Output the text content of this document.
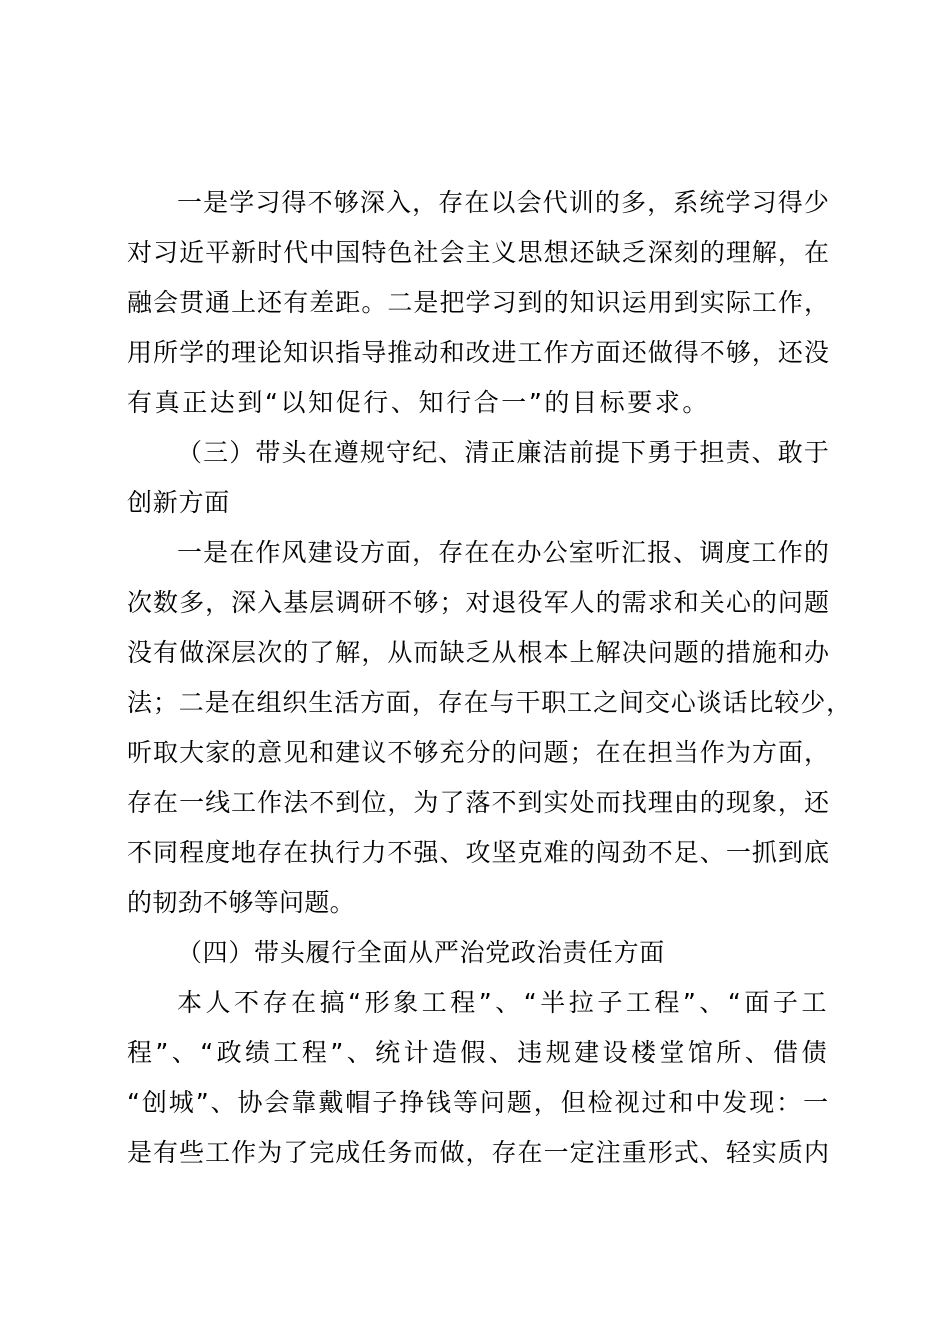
一是学习得不够深入，存在以会代训的多，系统学习得少
对习近平新时代中国特色社会主义思想还缺乏深刻的理解，在
融会贯通上还有差距。二是把学习到的知识运用到实际工作，
用所学的理论知识指导推动和改进工作方面还做得不够，还没
有真正达到“以知促行、知行合一”的目标要求。
（三）带头在遵规守纪、清正廉洁前提下勇于担责、敢于
创新方面
一是在作风建设方面，存在在办公室听汇报、调度工作的
次数多，深入基层调研不够；对退役军人的需求和关心的问题
没有做深层次的了解，从而缺乏从根本上解决问题的措施和办
法；二是在组织生活方面，存在与干职工之间交心谈话比较少，
听取大家的意见和建议不够充分的问题；在在担当作为方面，
存在一线工作法不到位，为了落不到实处而找理由的现象，还
不同程度地存在执行力不强、攻坚克难的闯劲不足、一抓到底
的韧劲不够等问题。
（四）带头履行全面从严治党政治责任方面
本人不存在搞“形象工程”、“半拉子工程”、“面子工
程”、“政绩工程”、统计造假、违规建设楼堂馆所、借债
“创城”、协会靠戴帽子挣钱等问题，但检视过和中发现：一
是有些工作为了完成任务而做，存在一定注重形式、轻实质内
